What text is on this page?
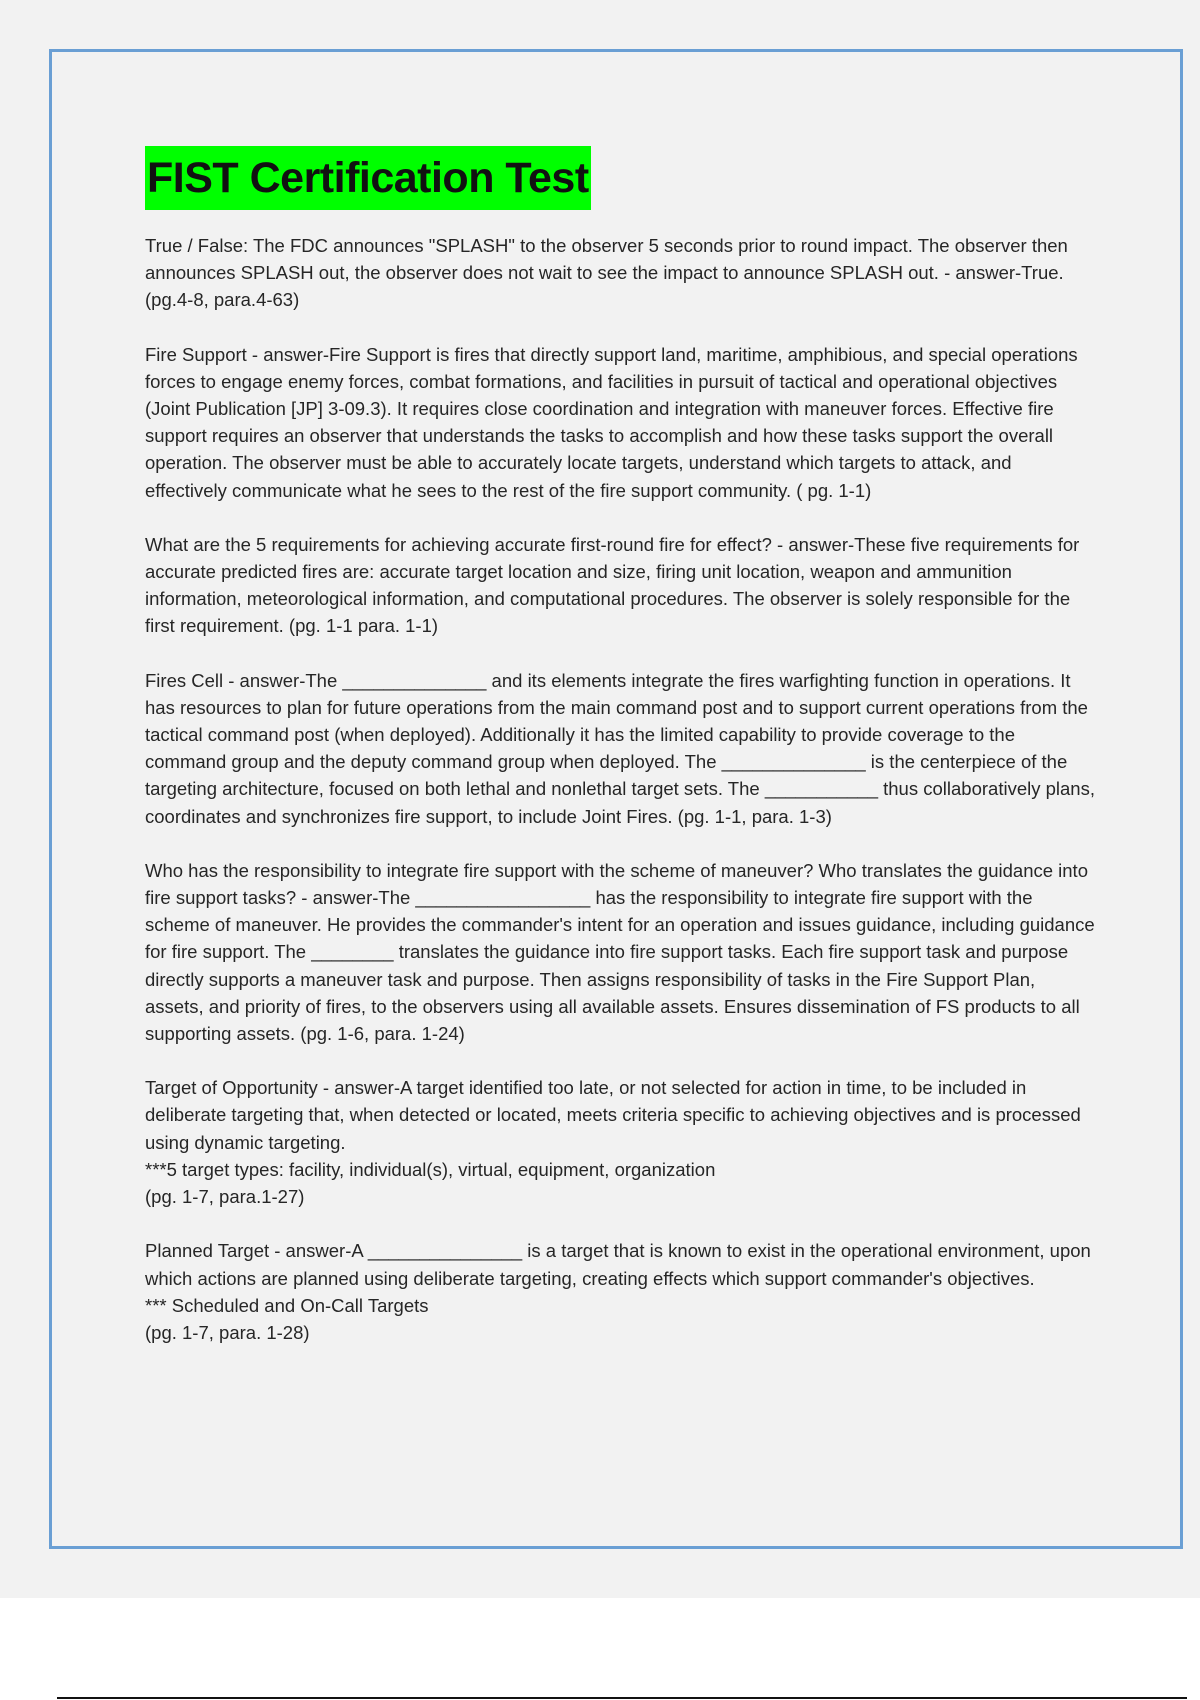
FIST Certification Test

True / False: The FDC announces "SPLASH" to the observer 5 seconds prior to round impact. The observer then announces SPLASH out, the observer does not wait to see the impact to announce SPLASH out. - answer-True. (pg.4-8, para.4-63)

Fire Support - answer-Fire Support is fires that directly support land, maritime, amphibious, and special operations forces to engage enemy forces, combat formations, and facilities in pursuit of tactical and operational objectives (Joint Publication [JP] 3-09.3). It requires close coordination and integration with maneuver forces. Effective fire support requires an observer that understands the tasks to accomplish and how these tasks support the overall operation. The observer must be able to accurately locate targets, understand which targets to attack, and effectively communicate what he sees to the rest of the fire support community. ( pg. 1-1)

What are the 5 requirements for achieving accurate first-round fire for effect? - answer-These five requirements for accurate predicted fires are: accurate target location and size, firing unit location, weapon and ammunition information, meteorological information, and computational procedures. The observer is solely responsible for the first requirement. (pg. 1-1 para. 1-1)

Fires Cell - answer-The ______________ and its elements integrate the fires warfighting function in operations. It has resources to plan for future operations from the main command post and to support current operations from the tactical command post (when deployed). Additionally it has the limited capability to provide coverage to the command group and the deputy command group when deployed. The ______________ is the centerpiece of the targeting architecture, focused on both lethal and nonlethal target sets. The ___________ thus collaboratively plans, coordinates and synchronizes fire support, to include Joint Fires. (pg. 1-1, para. 1-3)

Who has the responsibility to integrate fire support with the scheme of maneuver? Who translates the guidance into fire support tasks? - answer-The _________________ has the responsibility to integrate fire support with the scheme of maneuver. He provides the commander's intent for an operation and issues guidance, including guidance for fire support. The ________ translates the guidance into fire support tasks. Each fire support task and purpose directly supports a maneuver task and purpose. Then assigns responsibility of tasks in the Fire Support Plan, assets, and priority of fires, to the observers using all available assets. Ensures dissemination of FS products to all supporting assets. (pg. 1-6, para. 1-24)

Target of Opportunity - answer-A target identified too late, or not selected for action in time, to be included in deliberate targeting that, when detected or located, meets criteria specific to achieving objectives and is processed using dynamic targeting.
***5 target types: facility, individual(s), virtual, equipment, organization
(pg. 1-7, para.1-27)

Planned Target - answer-A _______________ is a target that is known to exist in the operational environment, upon which actions are planned using deliberate targeting, creating effects which support commander's objectives.
*** Scheduled and On-Call Targets
(pg. 1-7, para. 1-28)
